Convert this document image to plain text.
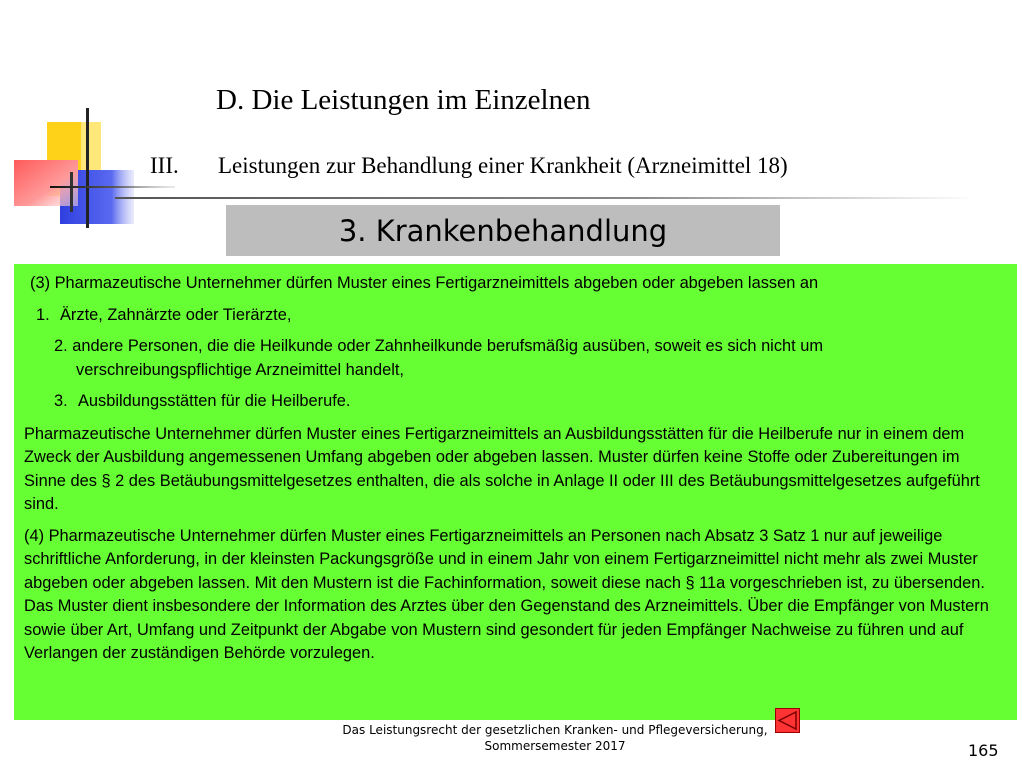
D. Die Leistungen im Einzelnen
III. Leistungen zur Behandlung einer Krankheit (Arzneimittel 18)
3. Krankenbehandlung

(3) Pharmazeutische Unternehmer dürfen Muster eines Fertigarzneimittels abgeben oder abgeben lassen an

1. Ärzte, Zahnärzte oder Tierärzte,

2. andere Personen, die die Heilkunde oder Zahnheilkunde berufsmäßig ausüben, soweit es sich nicht um verschreibungspflichtige Arzneimittel handelt,

3. Ausbildungsstätten für die Heilberufe.

Pharmazeutische Unternehmer dürfen Muster eines Fertigarzneimittels an Ausbildungsstätten für die Heilberufe nur in einem dem Zweck der Ausbildung angemessenen Umfang abgeben oder abgeben lassen. Muster dürfen keine Stoffe oder Zubereitungen im Sinne des § 2 des Betäubungsmittelgesetzes enthalten, die als solche in Anlage II oder III des Betäubungsmittelgesetzes aufgeführt sind.

(4) Pharmazeutische Unternehmer dürfen Muster eines Fertigarzneimittels an Personen nach Absatz 3 Satz 1 nur auf jeweilige schriftliche Anforderung, in der kleinsten Packungsgröße und in einem Jahr von einem Fertigarzneimittel nicht mehr als zwei Muster abgeben oder abgeben lassen. Mit den Mustern ist die Fachinformation, soweit diese nach § 11a vorgeschrieben ist, zu übersenden. Das Muster dient insbesondere der Information des Arztes über den Gegenstand des Arzneimittels. Über die Empfänger von Mustern sowie über Art, Umfang und Zeitpunkt der Abgabe von Mustern sind gesondert für jeden Empfänger Nachweise zu führen und auf Verlangen der zuständigen Behörde vorzulegen.

Das Leistungsrecht der gesetzlichen Kranken- und Pflegeversicherung,
Sommersemester 2017	165
